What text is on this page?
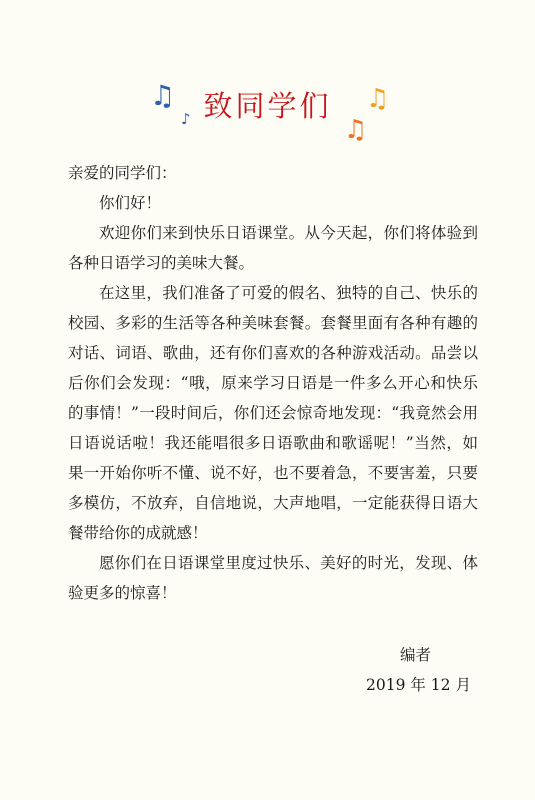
致同学们
♫
♪
♫
♫

亲爱的同学们：

你们好！

欢迎你们来到快乐日语课堂。从今天起，你们将体验到各种日语学习的美味大餐。

在这里，我们准备了可爱的假名、独特的自己、快乐的校园、多彩的生活等各种美味套餐。套餐里面有各种有趣的对话、词语、歌曲，还有你们喜欢的各种游戏活动。品尝以后你们会发现：“哦，原来学习日语是一件多么开心和快乐的事情！”一段时间后，你们还会惊奇地发现：“我竟然会用日语说话啦！我还能唱很多日语歌曲和歌谣呢！”当然，如果一开始你听不懂、说不好，也不要着急，不要害羞，只要多模仿，不放弃，自信地说，大声地唱，一定能获得日语大餐带给你的成就感！

愿你们在日语课堂里度过快乐、美好的时光，发现、体验更多的惊喜！

编者
2019 年 12 月
